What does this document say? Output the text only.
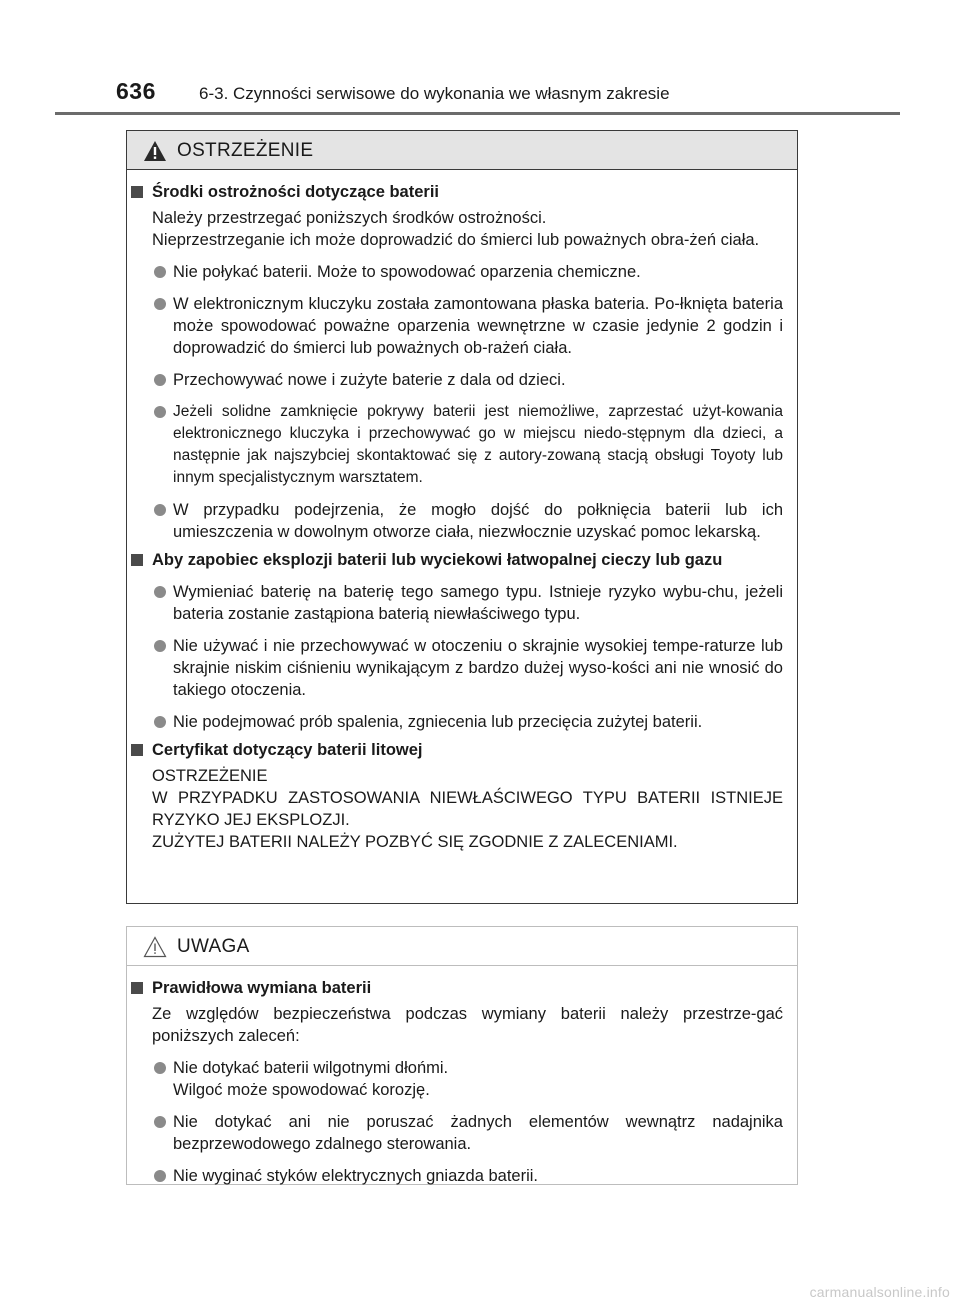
636	6-3. Czynności serwisowe do wykonania we własnym zakresie
OSTRZEŻENIE
Środki ostrożności dotyczące baterii
Należy przestrzegać poniższych środków ostrożności.
Nieprzestrzeganie ich może doprowadzić do śmierci lub poważnych obra-żeń ciała.
Nie połykać baterii. Może to spowodować oparzenia chemiczne.
W elektronicznym kluczyku została zamontowana płaska bateria. Po-łknięta bateria może spowodować poważne oparzenia wewnętrzne w czasie jedynie 2 godzin i doprowadzić do śmierci lub poważnych ob-rażeń ciała.
Przechowywać nowe i zużyte baterie z dala od dzieci.
Jeżeli solidne zamknięcie pokrywy baterii jest niemożliwe, zaprzestać użyt-kowania elektronicznego kluczyka i przechowywać go w miejscu niedo-stępnym dla dzieci, a następnie jak najszybciej skontaktować się z autory-zowaną stacją obsługi Toyoty lub innym specjalistycznym warsztatem.
W przypadku podejrzenia, że mogło dojść do połknięcia baterii lub ich umieszczenia w dowolnym otworze ciała, niezwłocznie uzyskać pomoc lekarską.
Aby zapobiec eksplozji baterii lub wyciekowi łatwopalnej cieczy lub gazu
Wymieniać baterię na baterię tego samego typu. Istnieje ryzyko wybu-chu, jeżeli bateria zostanie zastąpiona baterią niewłaściwego typu.
Nie używać i nie przechowywać w otoczeniu o skrajnie wysokiej tempe-raturze lub skrajnie niskim ciśnieniu wynikającym z bardzo dużej wyso-kości ani nie wnosić do takiego otoczenia.
Nie podejmować prób spalenia, zgniecenia lub przecięcia zużytej baterii.
Certyfikat dotyczący baterii litowej
OSTRZEŻENIE
W PRZYPADKU ZASTOSOWANIA NIEWŁAŚCIWEGO TYPU BATERII ISTNIEJE RYZYKO JEJ EKSPLOZJI.
ZUŻYTEJ BATERII NALEŻY POZBYĆ SIĘ ZGODNIE Z ZALECENIAMI.
UWAGA
Prawidłowa wymiana baterii
Ze względów bezpieczeństwa podczas wymiany baterii należy przestrze-gać poniższych zaleceń:
Nie dotykać baterii wilgotnymi dłońmi.
Wilgoć może spowodować korozję.
Nie dotykać ani nie poruszać żadnych elementów wewnątrz nadajnika bezprzewodowego zdalnego sterowania.
Nie wyginać styków elektrycznych gniazda baterii.
carmanualsonline.info
